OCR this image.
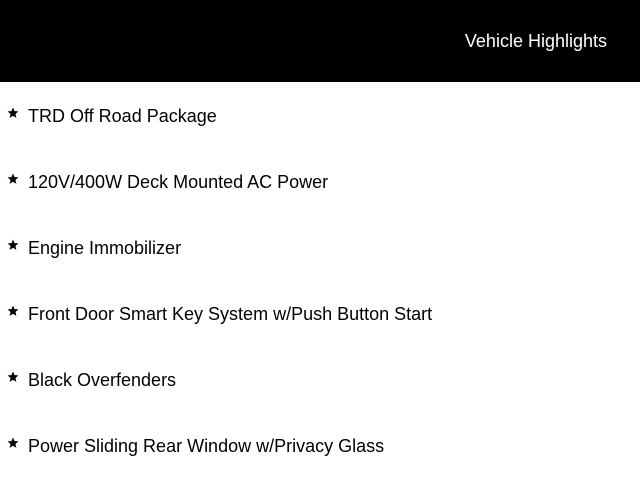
Vehicle Highlights
TRD Off Road Package
120V/400W Deck Mounted AC Power
Engine Immobilizer
Front Door Smart Key System w/Push Button Start
Black Overfenders
Power Sliding Rear Window w/Privacy Glass
